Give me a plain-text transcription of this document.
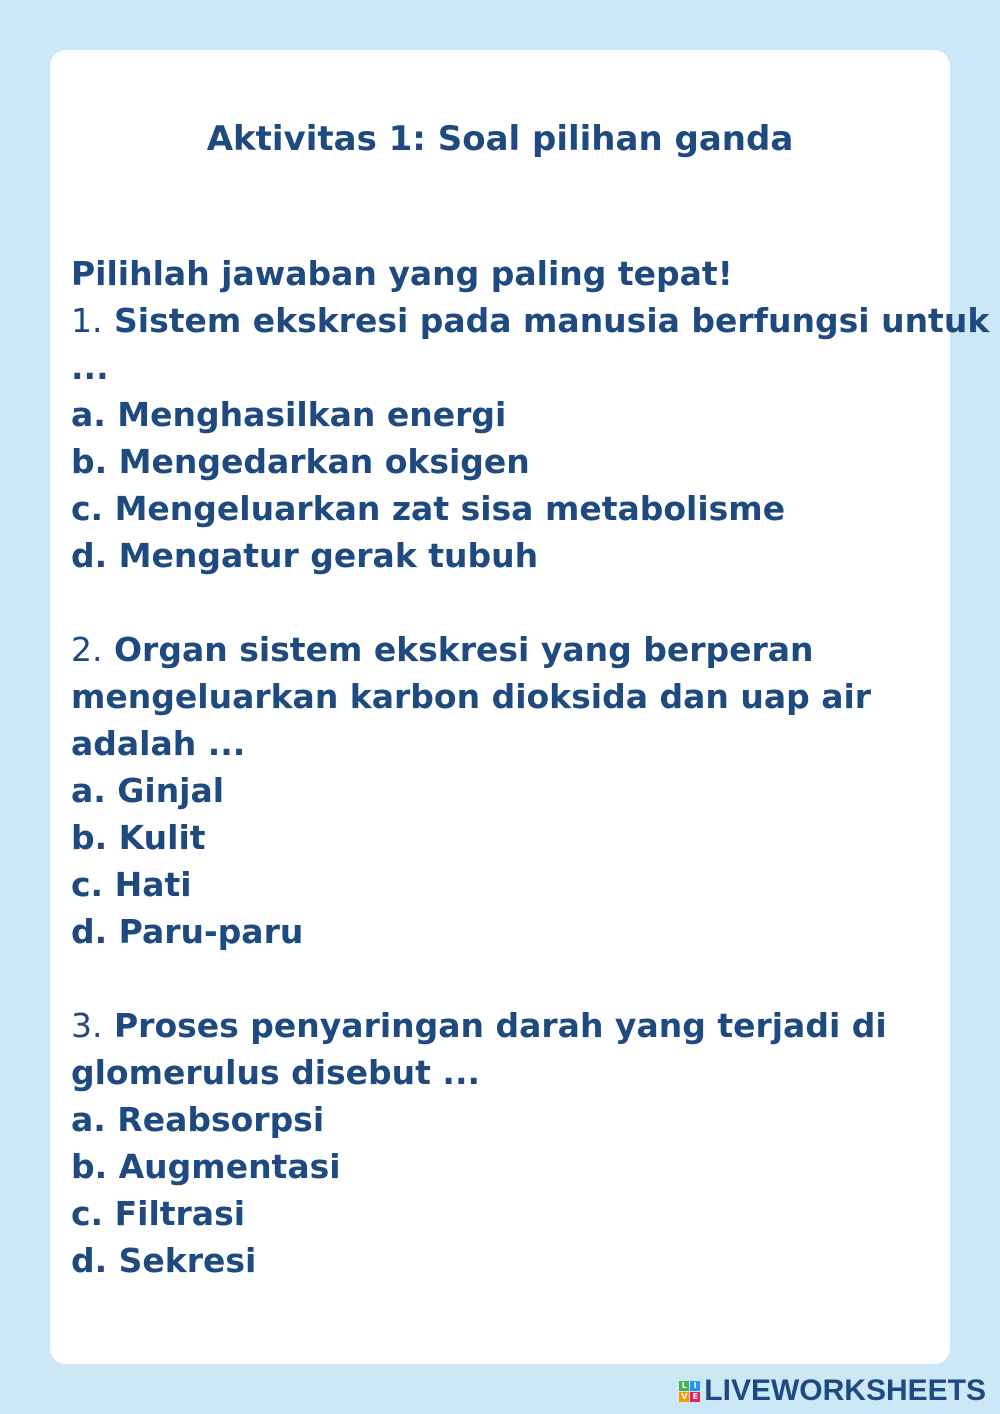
Aktivitas 1: Soal pilihan ganda
Pilihlah jawaban yang paling tepat!
1. Sistem ekskresi pada manusia berfungsi untuk
...
a. Menghasilkan energi
b. Mengedarkan oksigen
c. Mengeluarkan zat sisa metabolisme
d. Mengatur gerak tubuh
2. Organ sistem ekskresi yang berperan
mengeluarkan karbon dioksida dan uap air
adalah ...
a. Ginjal
b. Kulit
c. Hati
d. Paru-paru
3. Proses penyaringan darah yang terjadi di
glomerulus disebut ...
a. Reabsorpsi
b. Augmentasi
c. Filtrasi
d. Sekresi
L I
V E LIVEWORKSHEETS
